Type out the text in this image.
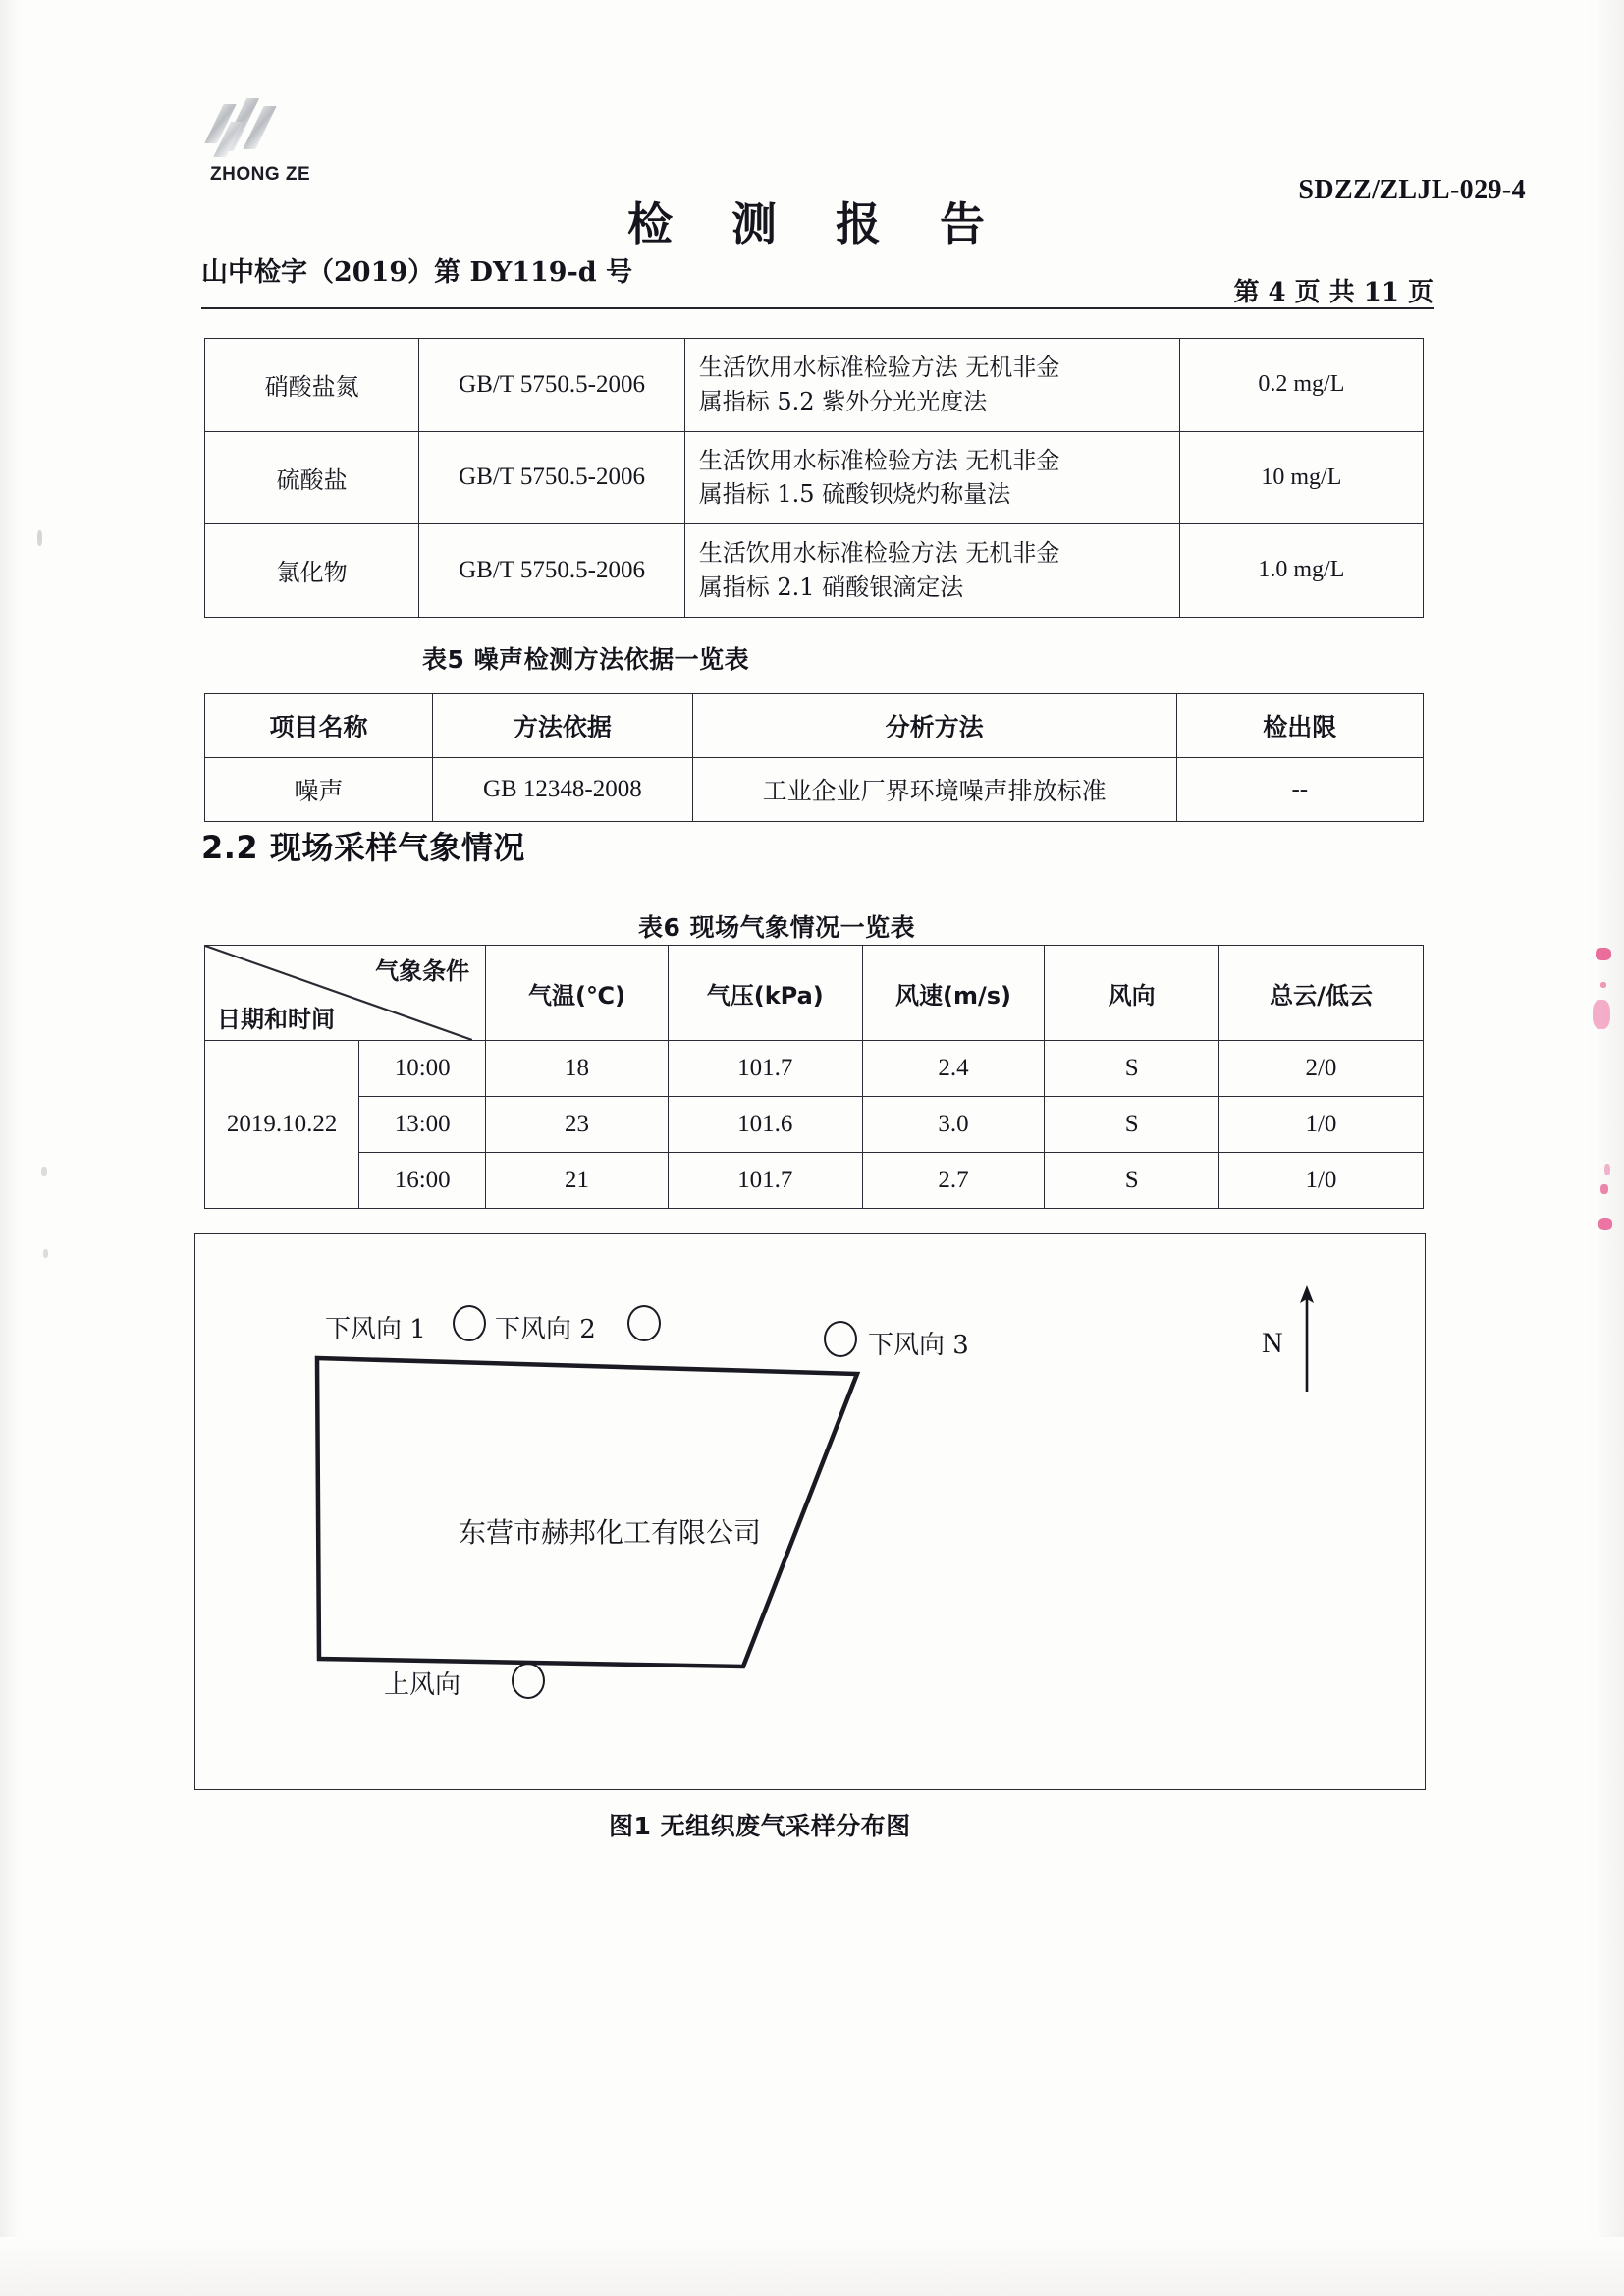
ZHONG ZE
SDZZ/ZLJL-029-4
检 测 报 告
山中检字（2019）第 DY119-d 号
第 4 页 共 11 页
硝酸盐氮	GB/T 5750.5-2006	生活饮用水标准检验方法 无机非金
属指标 5.2 紫外分光光度法	0.2 mg/L
硫酸盐	GB/T 5750.5-2006	生活饮用水标准检验方法 无机非金
属指标 1.5 硫酸钡烧灼称量法	10 mg/L
氯化物	GB/T 5750.5-2006	生活饮用水标准检验方法 无机非金
属指标 2.1 硝酸银滴定法	1.0 mg/L
表5 噪声检测方法依据一览表
项目名称	方法依据	分析方法	检出限
噪声	GB 12348-2008	工业企业厂界环境噪声排放标准	--
2.2 现场采样气象情况
表6 现场气象情况一览表
气象条件
日期和时间		气温(℃)	气压(kPa)	风速(m/s)	风向	总云/低云
2019.10.22	10:00	18	101.7	2.4	S	2/0
	13:00	23	101.6	3.0	S	1/0
	16:00	21	101.7	2.7	S	1/0
下风向 1	下风向 2
下风向 3	N
东营市赫邦化工有限公司
上风向
图1 无组织废气采样分布图
